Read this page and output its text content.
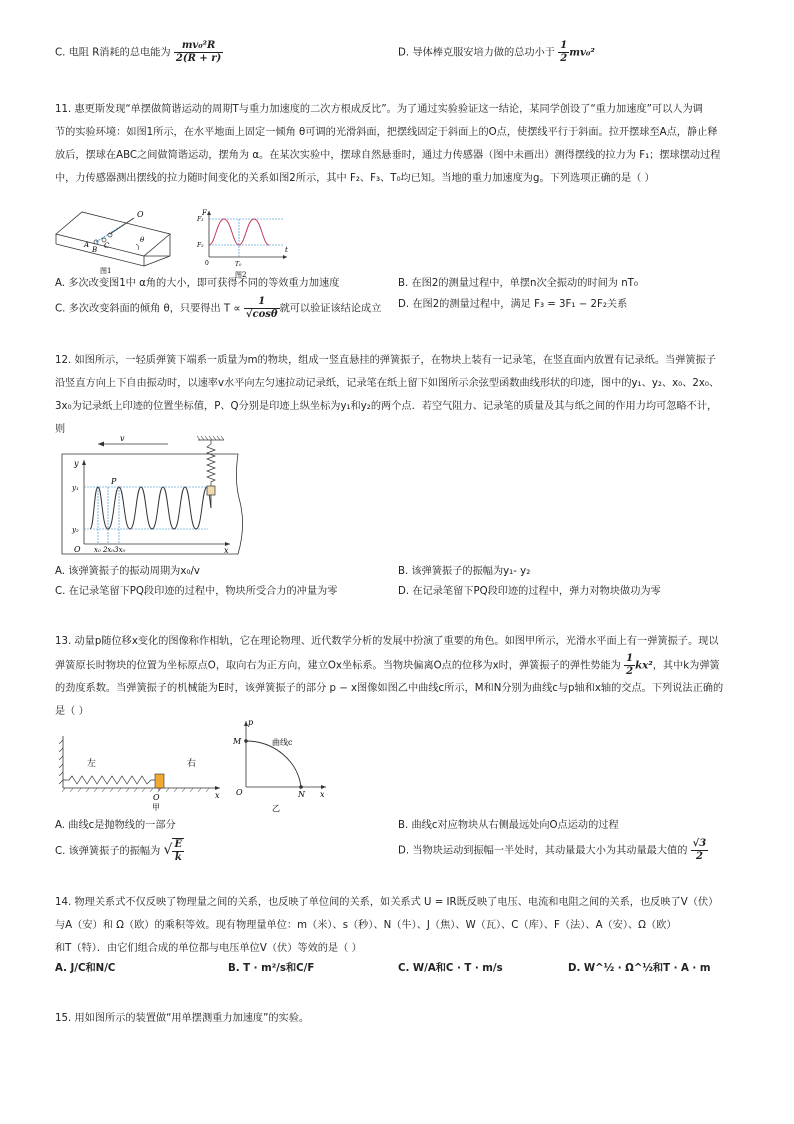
C. 电阻 R消耗的总电能为 $\frac{\text{mv₀²R}}{2(R + r)}$	D. 导体棒克服安培力做的总功小于 $\frac{1}{2} mv_0^2$
11. 惠更斯发现“单摆做简谐运动的周期T与重力加速度的二次方根成反比”。为了通过实验验证这一结论，某同学创设了“重力加速度”可以人为调
节的实验环境：如图1所示，在水平地面上固定一倾角 θ可调的光滑斜面，把摆线固定于斜面上的O点，使摆线平行于斜面。拉开摆球至A点，静止释
放后，摆球在ABC之间做简谐运动，摆角为 α。在某次实验中，摆球自然悬垂时，通过力传感器（图中未画出）测得摆线的拉力为 F₁；摆球摆动过程
中，力传感器测出摆线的拉力随时间变化的关系如图2所示，其中 F₂、F₃、T₀均已知。当地的重力加速度为g。下列选项正确的是（ ）
O
A
B C
θ
图1
F
F₃
F₂
0	T₀
t
图2
A. 多次改变图1中 α角的大小，即可获得不同的等效重力加速度	B. 在图2的测量过程中，单摆n次全振动的时间为 nT₀
C. 多次改变斜面的倾角 θ，只要得出 $T \propto \frac{1}{√\cos\theta}$ 就可以验证该结论成立 D. 在图2的测量过程中，满足 F₃ = 3F₁ − 2F₂关系
12. 如图所示，一轻质弹簧下端系一质量为m的物块，组成一竖直悬挂的弹簧振子，在物块上装有一记录笔，在竖直面内放置有记录纸。当弹簧振子
沿竖直方向上下自由振动时，以速率v水平向左匀速拉动记录纸，记录笔在纸上留下如图所示余弦型函数曲线形状的印迹，图中的y₁、y₂、x₀、2x₀、
3x₀为记录纸上印迹的位置坐标值，P、Q分别是印迹上纵坐标为y₁和y₂的两个点．若空气阻力、记录笔的质量及其与纸之间的作用力均可忽略不计，
则
v
y
y₁
y₂
P
O x₀ 2x₀3x₀	x
A. 该弹簧振子的振动周期为x₀/v	B. 该弹簧振子的振幅为y₁- y₂
C. 在记录笔留下PQ段印迹的过程中，物块所受合力的冲量为零	D. 在记录笔留下PQ段印迹的过程中，弹力对物块做功为零
13. 动量p随位移x变化的图像称作相轨，它在理论物理、近代数学分析的发展中扮演了重要的角色。如图甲所示，光滑水平面上有一弹簧振子。现以
弹簧原长时物块的位置为坐标原点O，取向右为正方向，建立Ox坐标系。当物块偏离O点的位移为x时，弹簧振子的弹性势能为 $\frac{1}{2} kx^2$，其中k为弹簧
的劲度系数。当弹簧振子的机械能为E时，该弹簧振子的部分 p − x图像如图乙中曲线c所示，M和N分别为曲线c与p轴和x轴的交点。下列说法正确的
是（ ）
左	右
O	x
甲
p
M	曲线c
O	N x
乙
A. 曲线c是抛物线的一部分	B. 曲线c对应物块从右侧最远处向O点运动的过程
C. 该弹簧振子的振幅为 √ $\frac{E}{k}$	D. 当物块运动到振幅一半处时，其动量最大小为其动量最大值的 $\frac{√3}{2}$
14. 物理关系式不仅反映了物理量之间的关系，也反映了单位间的关系，如关系式 U = IR既反映了电压、电流和电阻之间的关系，也反映了V（伏）
与A（安）和 Ω（欧）的乘积等效。现有物理量单位：m（米）、s（秒）、N（牛）、J（焦）、W（瓦）、C（库）、F（法）、A（安）、Ω（欧）
和T（特）．由它们组合成的单位都与电压单位V（伏）等效的是（ ）
A. J/C和N/C	B. T · m²/s和C/F	C. W/A和C · T · m/s	D. W^½ · Ω^½和T · A · m
15. 用如图所示的装置做“用单摆测重力加速度”的实验。
